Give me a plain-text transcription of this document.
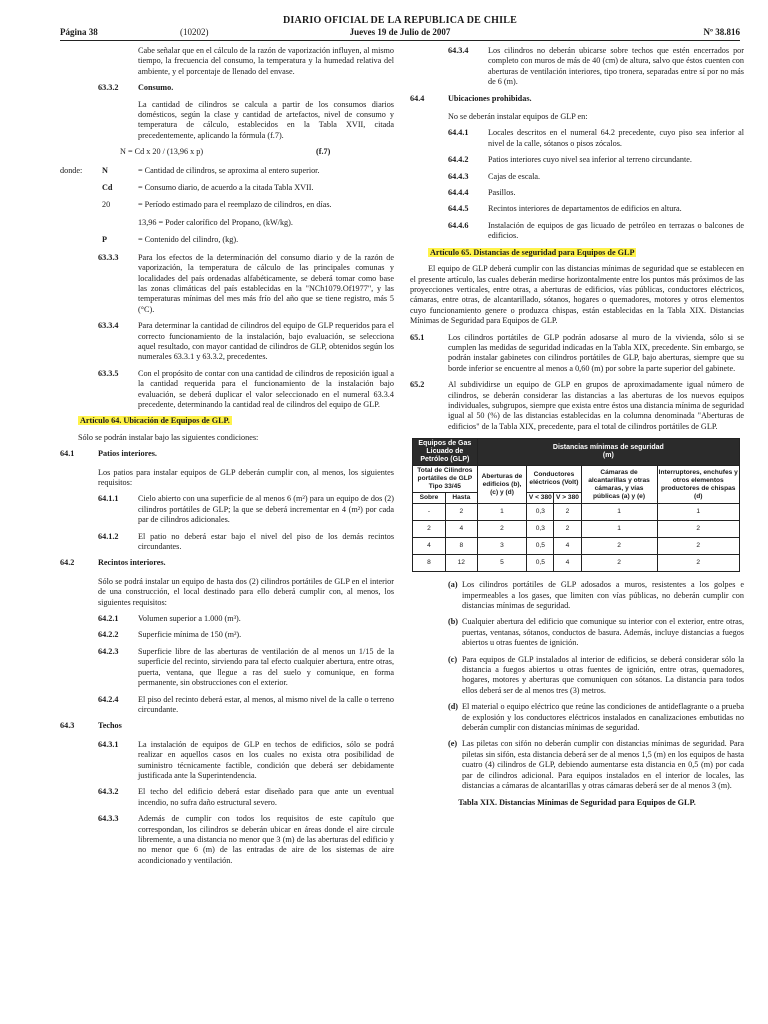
Página 38	(10202)
DIARIO OFICIAL DE LA REPUBLICA DE CHILE
Jueves 19 de Julio de 2007	Nº 38.816

Cabe señalar que en el cálculo de la razón de vaporización influyen, al mismo tiempo, la frecuencia del consumo, la temperatura y la humedad relativa del ambiente, y el porcentaje de llenado del envase.

63.3.2	Consumo.

La cantidad de cilindros se calcula a partir de los consumos diarios domésticos, según la clase y cantidad de artefactos, nivel de consumo y temperatura de cálculo, establecidos en la Tabla XVII, citada precedentemente, aplicando la fórmula (f.7).

N = Cd x 20 / (13,96 x p)	(f.7)
donde:	N	= Cantidad de cilindros, se aproxima al entero superior.
Cd	= Consumo diario, de acuerdo a la citada Tabla XVII.
20	= Período estimado para el reemplazo de cilindros, en días.
13,96 = Poder calorífico del Propano, (kW/kg).
P	= Contenido del cilindro, (kg).
63.3.3	Para los efectos de la determinación del consumo diario y de la razón de vaporización, la temperatura de cálculo de las principales comunas y localidades del país ordenadas alfabéticamente, se deberá tomar como base las zonas climáticas del país establecidas en la "NCh1079.Of1977", y las temperaturas mínimas del mes más frío del año que se tiene registro, más 5 (°C).
63.3.4	Para determinar la cantidad de cilindros del equipo de GLP requeridos para el correcto funcionamiento de la instalación, bajo evaluación, se selecciona aquel resultado, con mayor cantidad de cilindros de GLP, obtenidos según los numerales 63.3.1 y 63.3.2, precedentes.
63.3.5	Con el propósito de contar con una cantidad de cilindros de reposición igual a la cantidad requerida para el funcionamiento de la instalación bajo evaluación, se deberá duplicar el valor seleccionado en el numeral 63.3.4 precedente, determinando la cantidad real de cilindros del equipo de GLP.

Artículo 64. Ubicación de Equipos de GLP.

Sólo se podrán instalar bajo las siguientes condiciones:

64.1	Patios interiores.

Los patios para instalar equipos de GLP deberán cumplir con, al menos, los siguientes requisitos:

64.1.1	Cielo abierto con una superficie de al menos 6 (m²) para un equipo de dos (2) cilindros portátiles de GLP; la que se deberá incrementar en 4 (m²) por cada par de cilindros adicionales.
64.1.2	El patio no deberá estar bajo el nivel del piso de los demás recintos circundantes.
64.2	Recintos interiores.

Sólo se podrá instalar un equipo de hasta dos (2) cilindros portátiles de GLP en el interior de una construcción, el local destinado para ello deberá cumplir con, al menos, los siguientes requisitos:

64.2.1	Volumen superior a 1.000 (m³).
64.2.2	Superficie mínima de 150 (m²).
64.2.3	Superficie libre de las aberturas de ventilación de al menos un 1/15 de la superficie del recinto, sirviendo para tal efecto cualquier abertura, entre otras, puerta, ventana, que llegue a ras del suelo y comunique, en forma permanente, sin obstrucciones con el exterior.
64.2.4	El piso del recinto deberá estar, al menos, al mismo nivel de la calle o terreno circundante.
64.3	Techos
64.3.1	La instalación de equipos de GLP en techos de edificios, sólo se podrá realizar en aquellos casos en los cuales no exista otra posibilidad de suministro técnicamente factible, condición que deberá ser debidamente justificada ante la Superintendencia.
64.3.2	El techo del edificio deberá estar diseñado para que ante un eventual incendio, no sufra daño estructural severo.
64.3.3	Además de cumplir con todos los requisitos de este capítulo que correspondan, los cilindros se deberán ubicar en áreas donde el aire circule libremente, a una distancia no menor que 3 (m) de las aberturas del edificio y no menor que 6 (m) de las entradas de aire de los sistemas de aire acondicionado y ventilación.
64.3.4	Los cilindros no deberán ubicarse sobre techos que estén encerrados por completo con muros de más de 40 (cm) de altura, salvo que éstos cuenten con aberturas de ventilación interiores, tipo tronera, separadas entre sí por no más de 6 (m).
64.4	Ubicaciones prohibidas.

No se deberán instalar equipos de GLP en:

64.4.1	Locales descritos en el numeral 64.2 precedente, cuyo piso sea inferior al nivel de la calle, sótanos o pisos zócalos.
64.4.2	Patios interiores cuyo nivel sea inferior al terreno circundante.
64.4.3	Cajas de escala.
64.4.4	Pasillos.
64.4.5	Recintos interiores de departamentos de edificios en altura.
64.4.6	Instalación de equipos de gas licuado de petróleo en terrazas o balcones de edificios.

Artículo 65. Distancias de seguridad para Equipos de GLP

El equipo de GLP deberá cumplir con las distancias mínimas de seguridad que se establecen en el presente artículo, las cuales deberán medirse horizontalmente entre los puntos más próximos de las proyecciones verticales, entre otras, a aberturas de edificios, vías públicas, conductores eléctricos, cámaras, entre otras, de alcantarillado, sótanos, hogares o quemadores, motores y otros elementos cuyo funcionamiento genere o produzca chispas, están establecidas en la Tabla XIX. Distancias Mínimas de Seguridad para Equipos de GLP.

65.1	Los cilindros portátiles de GLP podrán adosarse al muro de la vivienda, sólo si se cumplen las medidas de seguridad indicadas en la Tabla XIX, precedente. Sin embargo, se podrán instalar gabinetes con cilindros portátiles de GLP, bajo aberturas, siempre que su borde inferior se encuentre al menos a 0,60 (m) por sobre la parte superior del gabinete.
65.2	Al subdividirse un equipo de GLP en grupos de aproximadamente igual número de cilindros, se deberán considerar las distancias a las aberturas de los nuevos equipos individuales, subgrupos, siempre que exista entre éstos una distancia mínima de seguridad igual al 50 (%) de las distancias establecidas en la columna denominada "Aberturas de edificios" de la Tabla XIX, precedente, para el total de cilindros portátiles de GLP.
Equipos de Gas Licuado de Petróleo (GLP)		Distancias mínimas de seguridad
(m)				

Total de Cilindros portátiles de GLP Tipo 33/45		Aberturas de edificios (b),(c) y (d)	Conductores eléctricos (Volt)		Cámaras de alcantarillas y otras cámaras, y vías públicas (a) y (e)	Interruptores, enchufes y otros elementos productores de chispas (d)
Sobre	Hasta		V < 380	V > 380		
-	2	1	0,3	2	1	1
2	4	2	0,3	2	1	2
4	8	3	0,5	4	2	2
8	12	5	0,5	4	2	2
(a) Los cilindros portátiles de GLP adosados a muros, resistentes a los golpes e impermeables a los gases, que limiten con vías públicas, no deberán cumplir con distancias mínimas de seguridad.
(b) Cualquier abertura del edificio que comunique su interior con el exterior, entre otras, puertas, ventanas, sótanos, conductos de basura. Además, incluye distancias a fuegos abiertos u otras fuentes de ignición.
(c) Para equipos de GLP instalados al interior de edificios, se deberá considerar sólo la distancia a fuegos abiertos u otras fuentes de ignición, entre otras, quemadores, hogares, motores y aberturas que comuniquen con sótanos. La distancia para todos ellos deberá ser de al menos tres (3) metros.
(d) El material o equipo eléctrico que reúne las condiciones de antideflagrante o a prueba de explosión y los conductores eléctricos instalados en canalizaciones embutidas no deberán cumplir con distancias mínimas de seguridad.
(e) Las piletas con sifón no deberán cumplir con distancias mínimas de seguridad. Para piletas sin sifón, esta distancia deberá ser de al menos 1,5 (m) en los equipos de hasta cuatro (4) cilindros de GLP, debiendo aumentarse esta distancia en 0,5 (m) por cada par de cilindros adicional. Para equipos instalados en el interior de locales, las distancias a cámaras de alcantarillas y otras cámaras deberá ser de al menos 3 (m).

Tabla XIX. Distancias Mínimas de Seguridad para Equipos de GLP.
